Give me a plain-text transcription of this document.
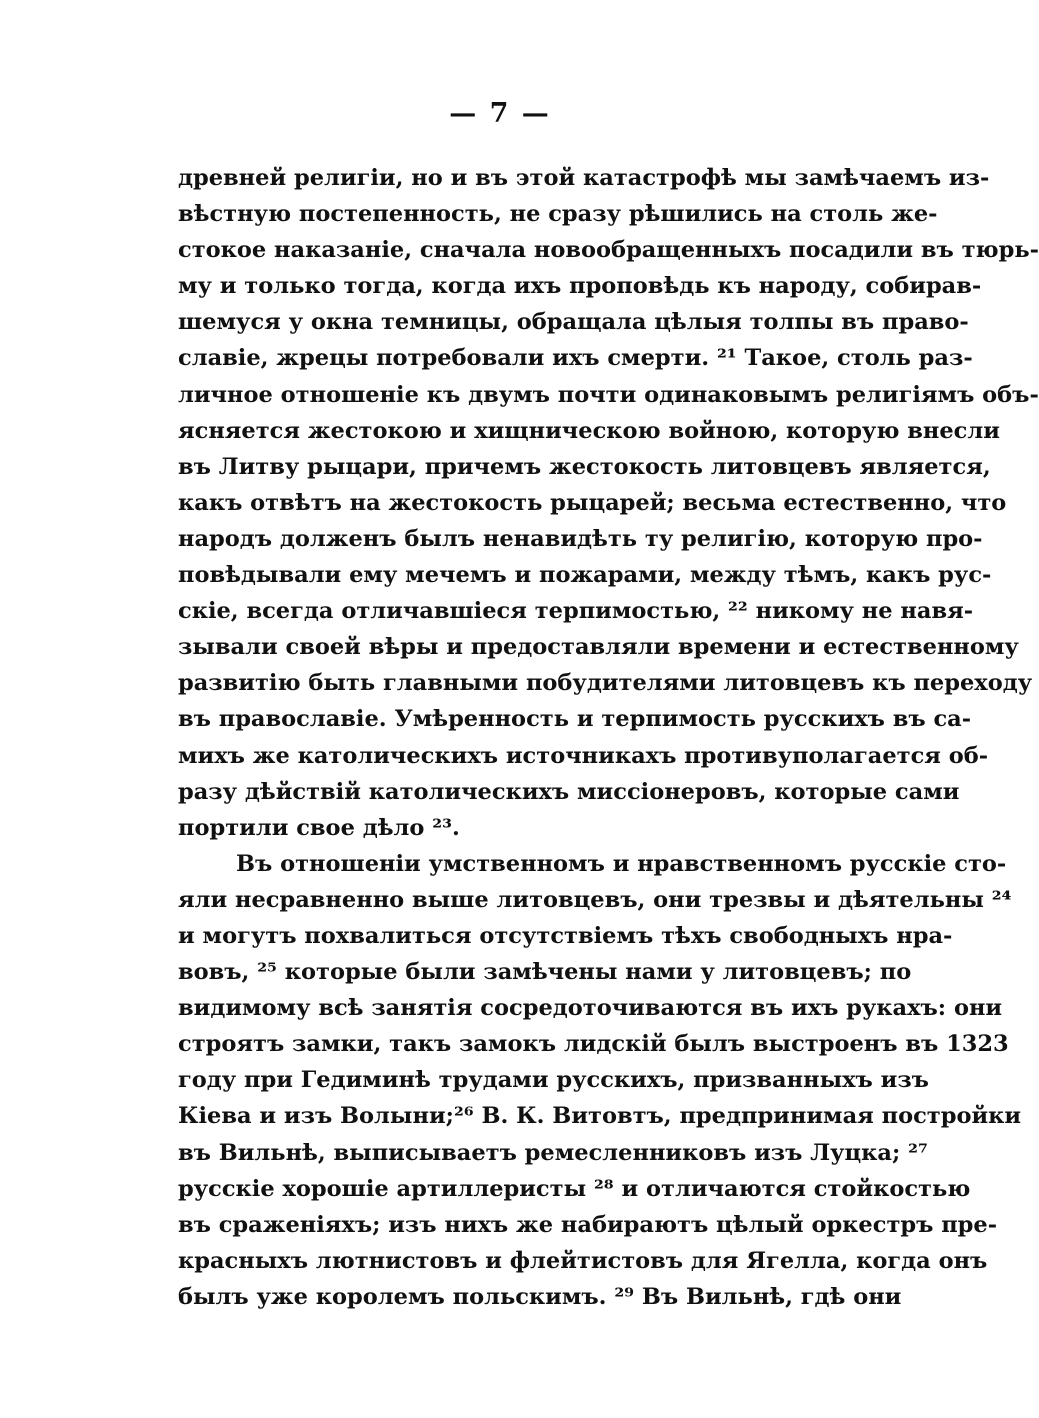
— 7 —
древней религіи, но и въ этой катастрофѣ мы замѣчаемъ из-
вѣстную постепенность, не сразу рѣшились на столь же-
стокое наказаніе, сначала новообращенныхъ посадили въ тюрь-
му и только тогда, когда ихъ проповѣдь къ народу, собирав-
шемуся у окна темницы, обращала цѣлыя толпы въ право-
славіе, жрецы потребовали ихъ смерти. ²¹ Такое, столь раз-
личное отношеніе къ двумъ почти одинаковымъ религіямъ объ-
ясняется жестокою и хищническою войною, которую внесли
въ Литву рыцари, причемъ жестокость литовцевъ является,
какъ отвѣтъ на жестокость рыцарей; весьма естественно, что
народъ долженъ былъ ненавидѣть ту религію, которую про-
повѣдывали ему мечемъ и пожарами, между тѣмъ, какъ рус-
скіе, всегда отличавшіеся терпимостью, ²² никому не навя-
зывали своей вѣры и предоставляли времени и естественному
развитію быть главными побудителями литовцевъ къ переходу
въ православіе. Умѣренность и терпимость русскихъ въ са-
михъ же католическихъ источникахъ противуполагается об-
разу дѣйствій католическихъ миссіонеровъ, которые сами
портили свое дѣло ²³.
Въ отношеніи умственномъ и нравственномъ русскіе сто-
яли несравненно выше литовцевъ, они трезвы и дѣятельны ²⁴
и могутъ похвалиться отсутствіемъ тѣхъ свободныхъ нра-
вовъ, ²⁵ которые были замѣчены нами у литовцевъ; по
видимому всѣ занятія сосредоточиваются въ ихъ рукахъ: они
строятъ замки, такъ замокъ лидскій былъ выстроенъ въ 1323
году при Гедиминѣ трудами русскихъ, призванныхъ изъ
Кіева и изъ Волыни;²⁶ В. К. Витовтъ, предпринимая постройки
въ Вильнѣ, выписываетъ ремесленниковъ изъ Луцка; ²⁷
русскіе хорошіе артиллеристы ²⁸ и отличаются стойкостью
въ сраженіяхъ; изъ нихъ же набираютъ цѣлый оркестръ пре-
красныхъ лютнистовъ и флейтистовъ для Ягелла, когда онъ
былъ уже королемъ польскимъ. ²⁹ Въ Вильнѣ, гдѣ они
